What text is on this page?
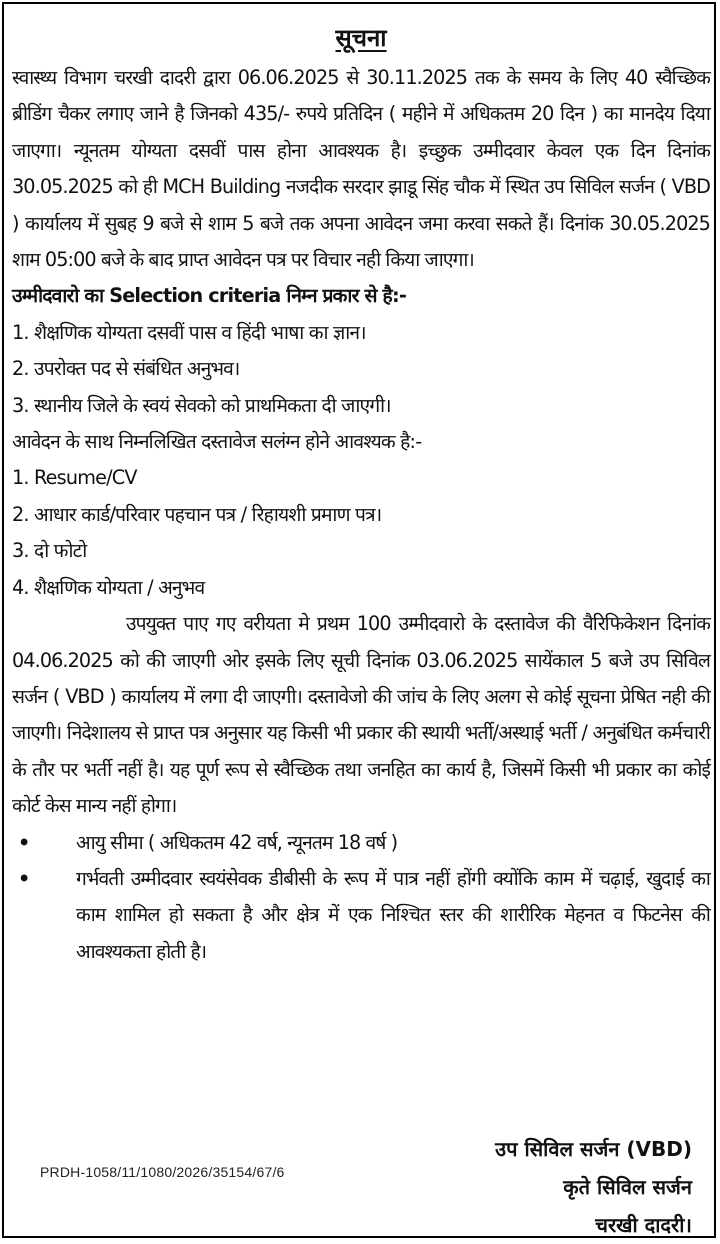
सूचना

स्वास्थ्य विभाग चरखी दादरी द्वारा 06.06.2025 से 30.11.2025 तक के समय के लिए 40 स्वैच्छिक ब्रीडिंग चैकर लगाए जाने है जिनको 435/- रुपये प्रतिदिन ( महीने में अधिकतम 20 दिन ) का मानदेय दिया जाएगा। न्यूनतम योग्यता दसवीं पास होना आवश्यक है। इच्छुक उम्मीदवार केवल एक दिन दिनांक 30.05.2025 को ही MCH Building नजदीक सरदार झाडू सिंह चौक में स्थित उप सिविल सर्जन ( VBD ) कार्यालय में सुबह 9 बजे से शाम 5 बजे तक अपना आवेदन जमा करवा सकते हैं। दिनांक 30.05.2025 शाम 05:00 बजे के बाद प्राप्त आवेदन पत्र पर विचार नही किया जाएगा।

उम्मीदवारो का Selection criteria निम्न प्रकार से है:-

1. शैक्षणिक योग्यता दसवीं पास व हिंदी भाषा का ज्ञान।

2. उपरोक्त पद से संबंधित अनुभव।

3. स्थानीय जिले के स्वयं सेवको को प्राथमिकता दी जाएगी।

आवेदन के साथ निम्नलिखित दस्तावेज सलंग्न होने आवश्यक है:-

1. Resume/CV

2. आधार कार्ड/परिवार पहचान पत्र / रिहायशी प्रमाण पत्र।

3. दो फोटो

4. शैक्षणिक योग्यता / अनुभव

उपयुक्त पाए गए वरीयता मे प्रथम 100 उम्मीदवारो के दस्तावेज की वैरिफिकेशन दिनांक 04.06.2025 को की जाएगी ओर इसके लिए सूची दिनांक 03.06.2025 सायेंकाल 5 बजे उप सिविल सर्जन ( VBD ) कार्यालय में लगा दी जाएगी। दस्तावेजो की जांच के लिए अलग से कोई सूचना प्रेषित नही की जाएगी। निदेशालय से प्राप्त पत्र अनुसार यह किसी भी प्रकार की स्थायी भर्ती/अस्थाई भर्ती / अनुबंधित कर्मचारी के तौर पर भर्ती नहीं है। यह पूर्ण रूप से स्वैच्छिक तथा जनहित का कार्य है, जिसमें किसी भी प्रकार का कोई कोर्ट केस मान्य नहीं होगा।

• आयु सीमा ( अधिकतम 42 वर्ष, न्यूनतम 18 वर्ष )
• गर्भवती उम्मीदवार स्वयंसेवक डीबीसी के रूप में पात्र नहीं होंगी क्योंकि काम में चढ़ाई, खुदाई का काम शामिल हो सकता है और क्षेत्र में एक निश्चित स्तर की शारीरिक मेहनत व फिटनेस की आवश्यकता होती है।
उप सिविल सर्जन (VBD)
कृते सिविल सर्जन
चरखी दादरी।
PRDH-1058/11/1080/2026/35154/67/6
